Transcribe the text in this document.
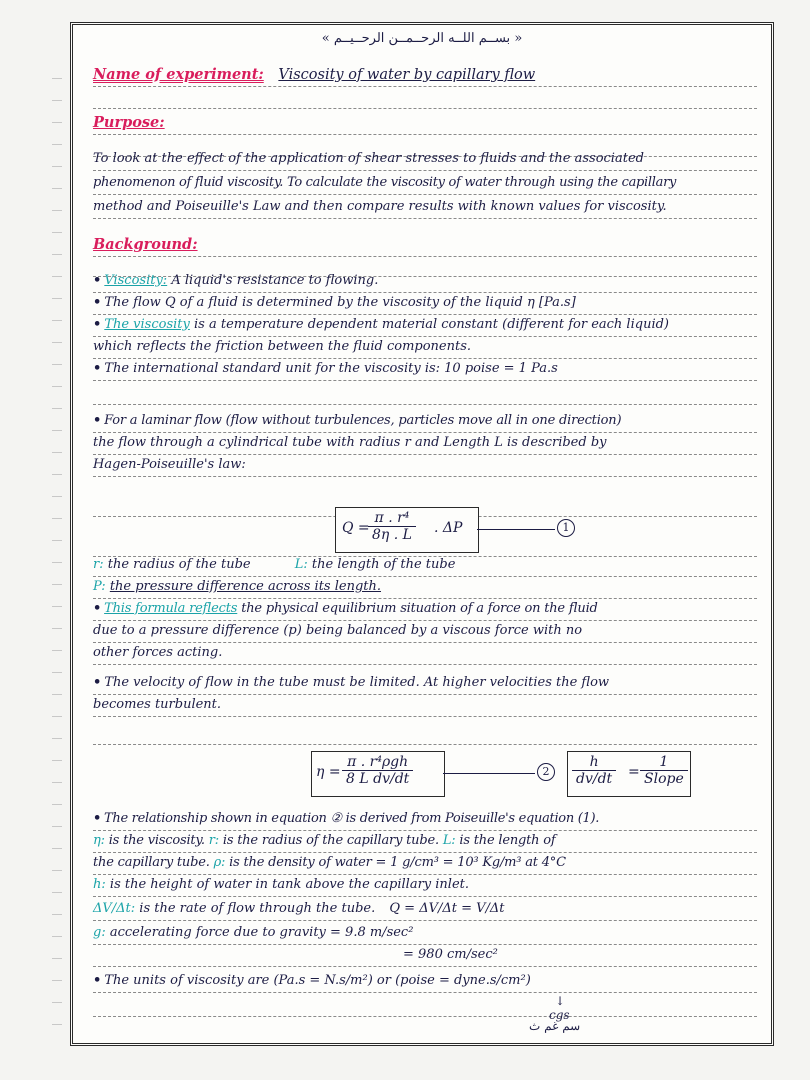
« بســم اللــه الرحــمــن الرحــيــم »
Name of experiment: Viscosity of water by capillary flow
Purpose:
To look at the effect of the application of shear stresses to fluids and the associated
phenomenon of fluid viscosity. To calculate the viscosity of water through using the capillary
method and Poiseuille's Law and then compare results with known values for viscosity.
Background:
• Viscosity: A liquid's resistance to flowing.
• The flow Q of a fluid is determined by the viscosity of the liquid η [Pa.s]
• The viscosity is a temperature dependent material constant (different for each liquid)
which reflects the friction between the fluid components.
• The international standard unit for the viscosity is: 10 poise = 1 Pa.s
• For a laminar flow (flow without turbulences, particles move all in one direction)
the flow through a cylindrical tube with radius r and Length L is described by
Hagen-Poiseuille's law:
Q =
$\frac{\text{π . r⁴}}{8\eta . L}$ . ΔP	1
r: the radius of the tube	L: the length of the tube
P: the pressure difference across its length.
• This formula reflects the physical equilibrium situation of a force on the fluid
due to a pressure difference (p) being balanced by a viscous force with no
other forces acting.
• The velocity of flow in the tube must be limited. At higher velocities the flow
becomes turbulent.
η =
π . r⁴ρgh
8 L dv/dt	2	$\frac{h}{dv/dt}$ =
1
Slope
• The relationship shown in equation ② is derived from Poiseuille's equation (1).
η: is the viscosity. r: is the radius of the capillary tube. L: is the length of
the capillary tube. ρ: is the density of water = 1 g/cm³ = 10³ Kg/m³ at 4°C
h: is the height of water in tank above the capillary inlet.
ΔV/Δt: is the rate of flow through the tube. Q = ΔV/Δt = V/Δt
g: accelerating force due to gravity = 9.8 m/sec²
= 980 cm/sec²
• The units of viscosity are (Pa.s = N.s/m²) or (poise = dyne.s/cm²)
↓
cgs
سم غم ث
